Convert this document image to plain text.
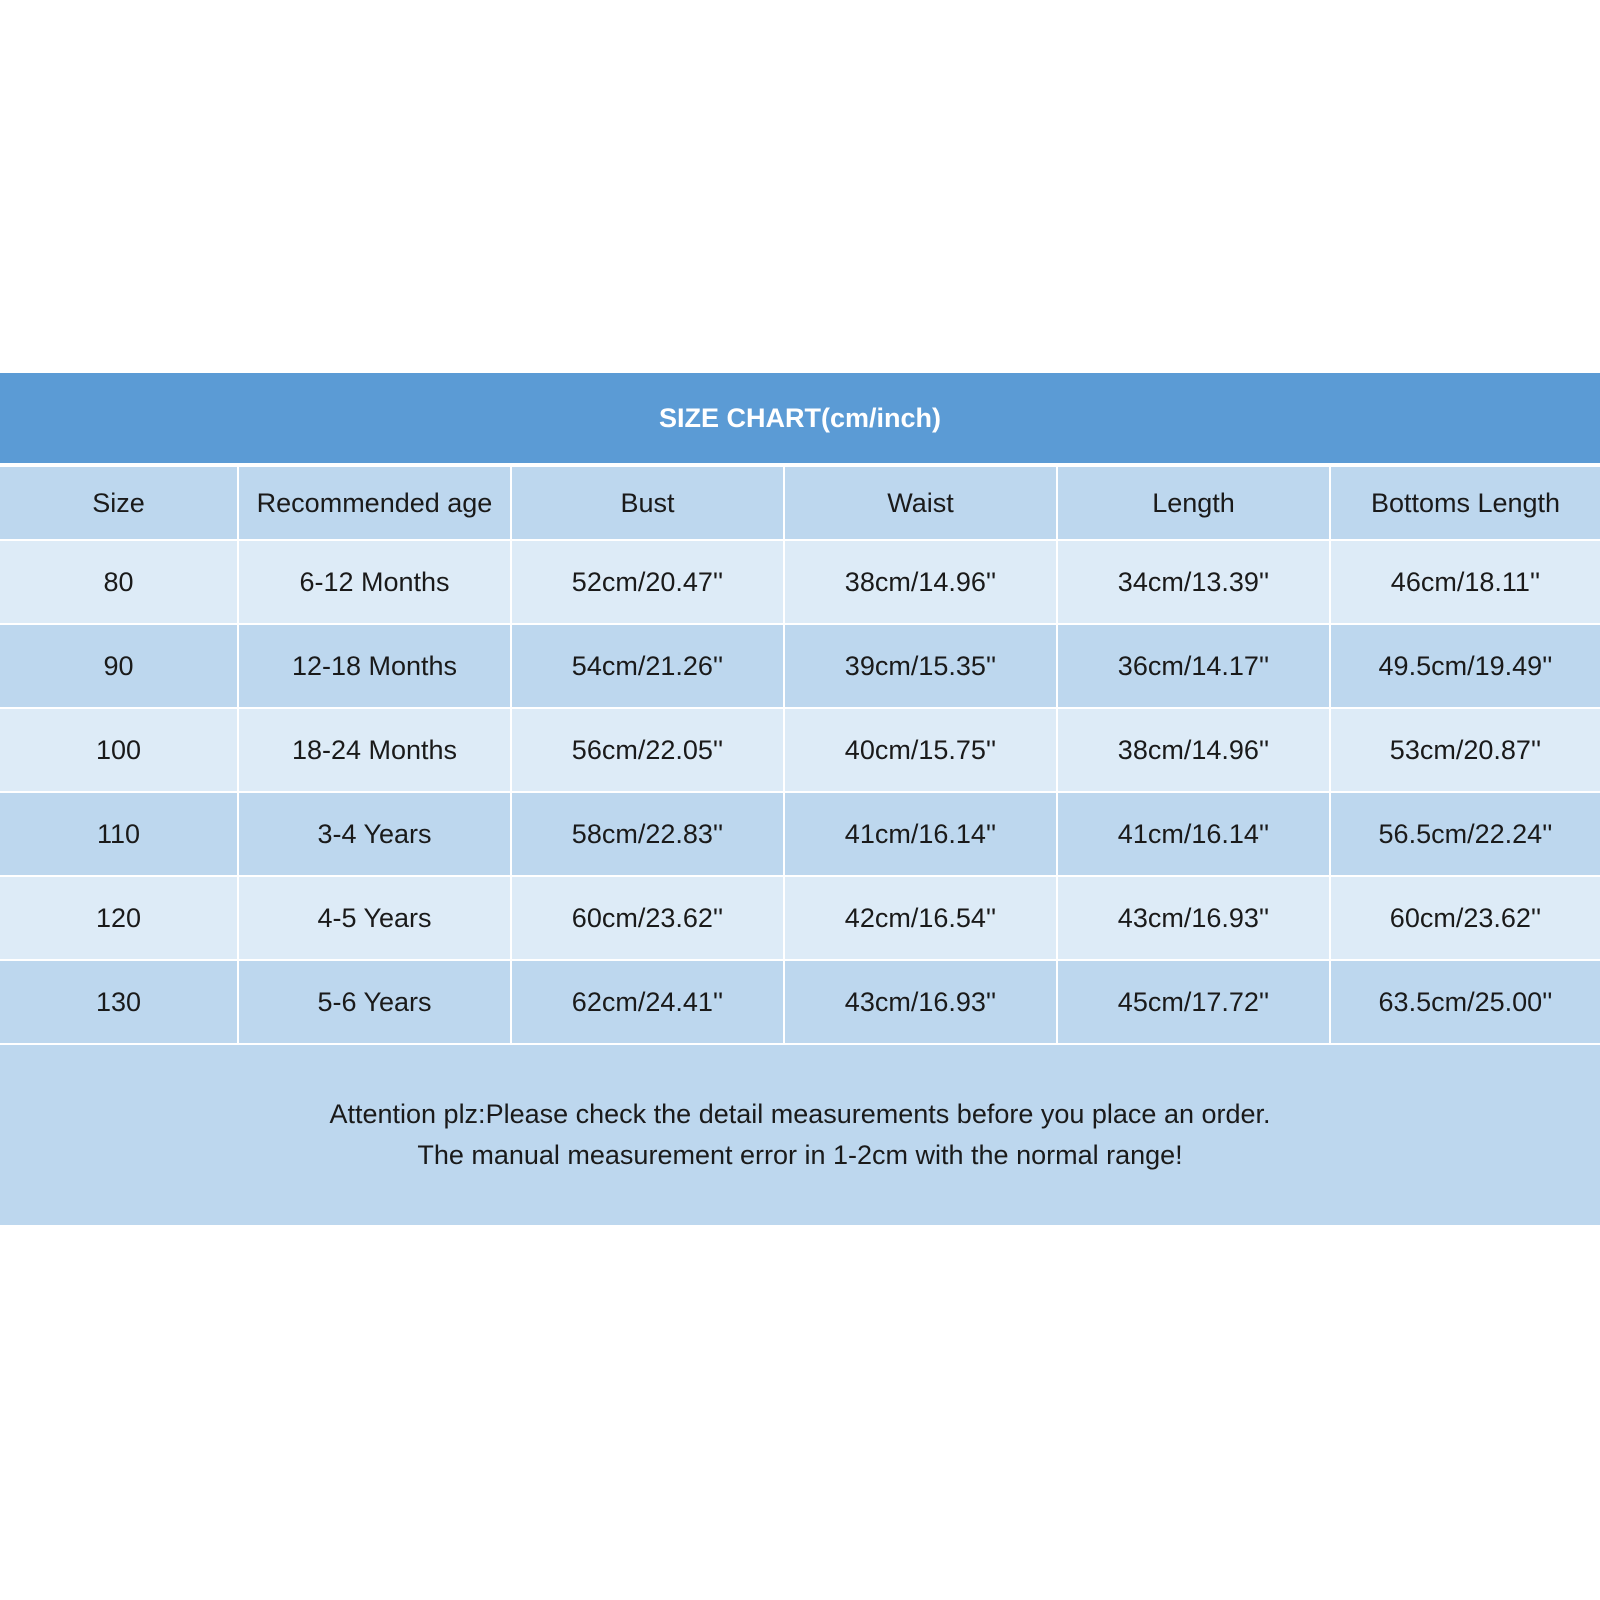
SIZE CHART(cm/inch)
Size	Recommended age	Bust	Waist	Length	Bottoms Length
80	6-12 Months	52cm/20.47''	38cm/14.96''	34cm/13.39''	46cm/18.11''
90	12-18 Months	54cm/21.26''	39cm/15.35''	36cm/14.17''	49.5cm/19.49''
100	18-24 Months	56cm/22.05''	40cm/15.75''	38cm/14.96''	53cm/20.87''
110	3-4 Years	58cm/22.83''	41cm/16.14''	41cm/16.14''	56.5cm/22.24''
120	4-5 Years	60cm/23.62''	42cm/16.54''	43cm/16.93''	60cm/23.62''
130	5-6 Years	62cm/24.41''	43cm/16.93''	45cm/17.72''	63.5cm/25.00''
Attention plz:Please check the detail measurements before you place an order.
The manual measurement error in 1-2cm with the normal range!
